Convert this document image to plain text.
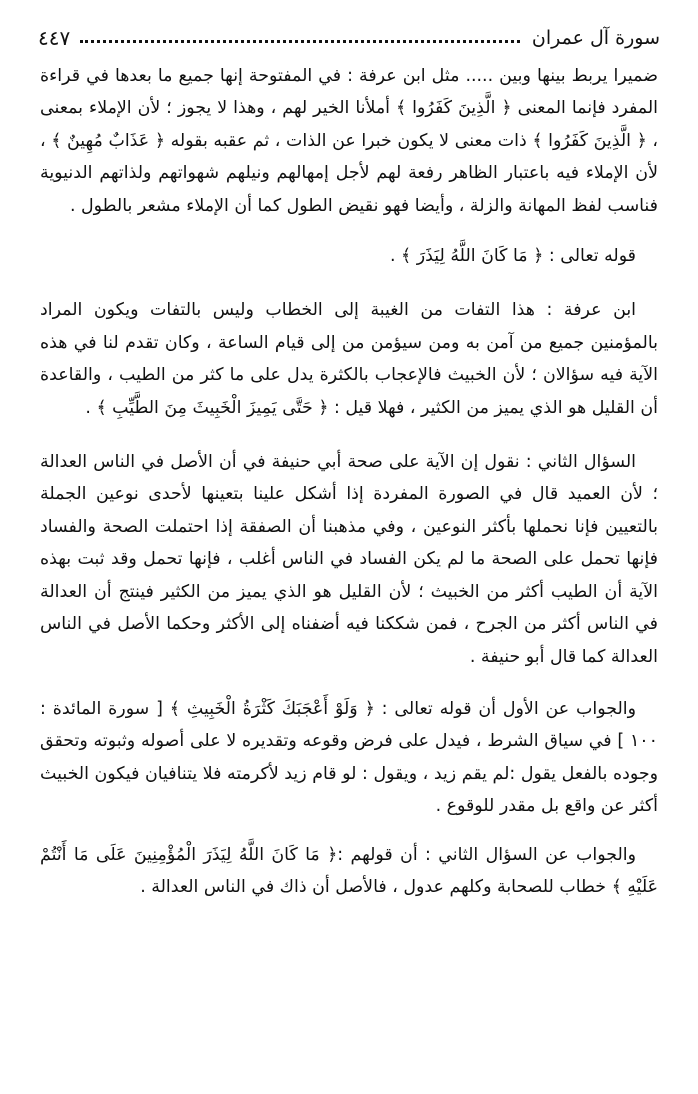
سورة آل عمران
٤٤٧

ضميرا يربط بينها وبين ..... مثل ابن عرفة : في المفتوحة إنها جميع ما بعدها في قراءة المفرد فإنما المعنى ﴿ الَّذِينَ كَفَرُوا ﴾ أملأنا الخير لهم ، وهذا لا يجوز ؛ لأن الإملاء بمعنى ، ﴿ الَّذِينَ كَفَرُوا ﴾ ذات معنى لا يكون خبرا عن الذات ، ثم عقبه بقوله ﴿ عَذَابٌ مُهِينٌ ﴾ ، لأن الإملاء فيه باعتبار الظاهر رفعة لهم لأجل إمهالهم ونيلهم شهواتهم ولذاتهم الدنيوية فناسب لفظ المهانة والزلة ، وأيضا فهو نقيض الطول كما أن الإملاء مشعر بالطول .

قوله تعالى : ﴿ مَا كَانَ اللَّهُ لِيَذَرَ ﴾ .

ابن عرفة : هذا التفات من الغيبة إلى الخطاب وليس بالتفات ويكون المراد بالمؤمنين جميع من آمن به ومن سيؤمن من إلى قيام الساعة ، وكان تقدم لنا في هذه الآية فيه سؤالان ؛ لأن الخبيث فالإعجاب بالكثرة يدل على ما كثر من الطيب ، والقاعدة أن القليل هو الذي يميز من الكثير ، فهلا قيل : ﴿ حَتَّى يَمِيزَ الْخَبِيثَ مِنَ الطَّيِّبِ ﴾ .

السؤال الثاني : نقول إن الآية على صحة أبي حنيفة في أن الأصل في الناس العدالة ؛ لأن العميد قال في الصورة المفردة إذا أشكل علينا بتعينها لأحدى نوعين الجملة بالتعيين فإنا نحملها بأكثر النوعين ، وفي مذهبنا أن الصفقة إذا احتملت الصحة والفساد فإنها تحمل على الصحة ما لم يكن الفساد في الناس أغلب ، فإنها تحمل وقد ثبت بهذه الآية أن الطيب أكثر من الخبيث ؛ لأن القليل هو الذي يميز من الكثير فينتج أن العدالة في الناس أكثر من الجرح ، فمن شككنا فيه أضفناه إلى الأكثر وحكما الأصل في الناس العدالة كما قال أبو حنيفة .

والجواب عن الأول أن قوله تعالى : ﴿ وَلَوْ أَعْجَبَكَ كَثْرَةُ الْخَبِيثِ ﴾ [ سورة المائدة : ١٠٠ ] في سياق الشرط ، فيدل على فرض وقوعه وتقديره لا على أصوله وثبوته وتحقق وجوده بالفعل يقول :لم يقم زيد ، ويقول : لو قام زيد لأكرمته فلا يتنافيان فيكون الخبيث أكثر عن واقع بل مقدر للوقوع .

والجواب عن السؤال الثاني : أن قولهم :﴿ مَا كَانَ اللَّهُ لِيَذَرَ الْمُؤْمِنِينَ عَلَى مَا أَنْتُمْ عَلَيْهِ ﴾ خطاب للصحابة وكلهم عدول ، فالأصل أن ذاك في الناس العدالة .
